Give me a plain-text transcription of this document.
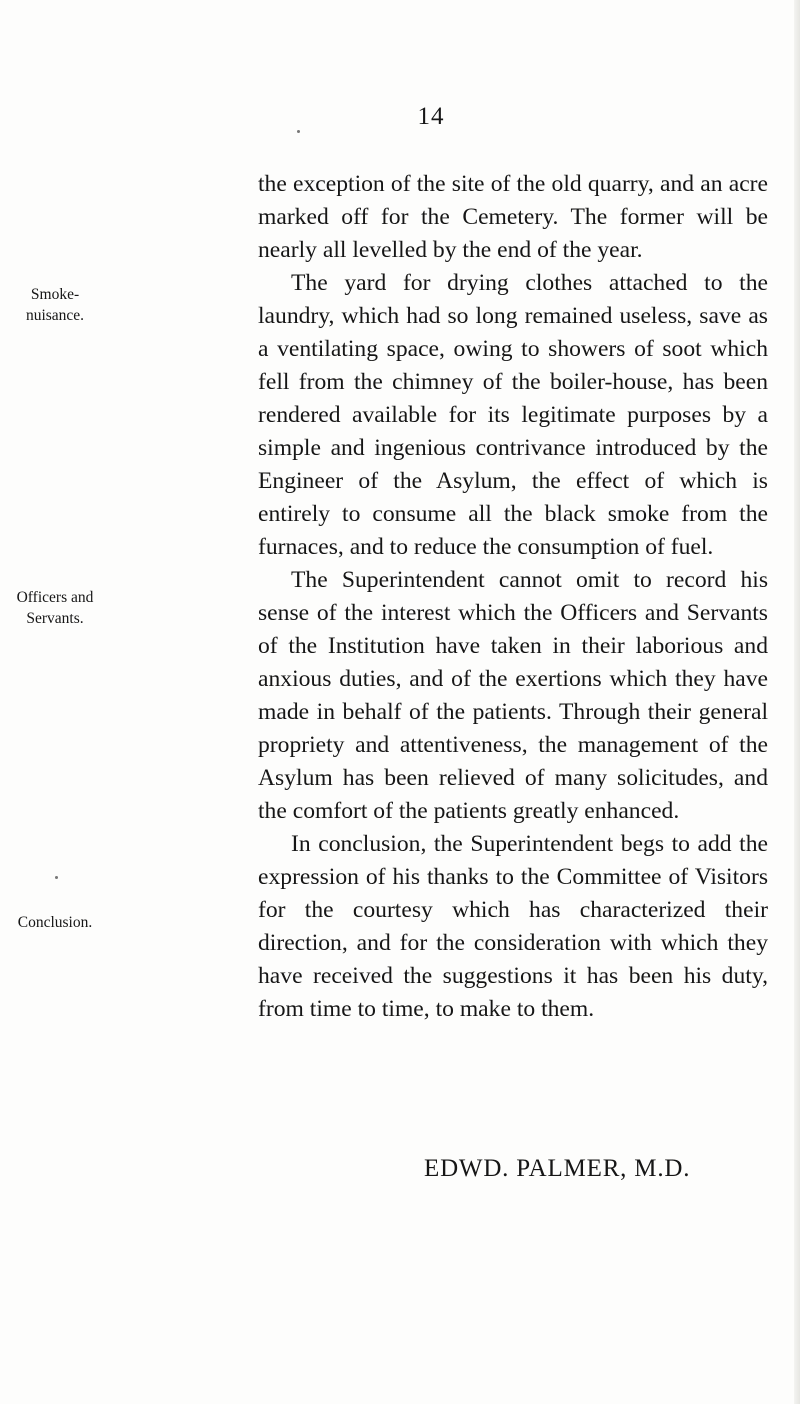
14
Smoke-
nuisance.
Officers and
Servants.
Conclusion.

the exception of the site of the old quarry, and an acre marked off for the Cemetery. The former will be nearly all levelled by the end of the year.

The yard for drying clothes attached to the laundry, which had so long remained useless, save as a ventilating space, owing to showers of soot which fell from the chimney of the boiler-house, has been rendered available for its legitimate purposes by a simple and ingenious contrivance introduced by the Engineer of the Asylum, the effect of which is entirely to consume all the black smoke from the furnaces, and to reduce the consumption of fuel.

The Superintendent cannot omit to record his sense of the interest which the Officers and Servants of the Institution have taken in their laborious and anxious duties, and of the exertions which they have made in behalf of the patients. Through their general propriety and attentiveness, the management of the Asylum has been relieved of many solicitudes, and the comfort of the patients greatly enhanced.

In conclusion, the Superintendent begs to add the expression of his thanks to the Committee of Visitors for the courtesy which has characterized their direction, and for the consideration with which they have received the suggestions it has been his duty, from time to time, to make to them.

EDWD. PALMER, M.D.
